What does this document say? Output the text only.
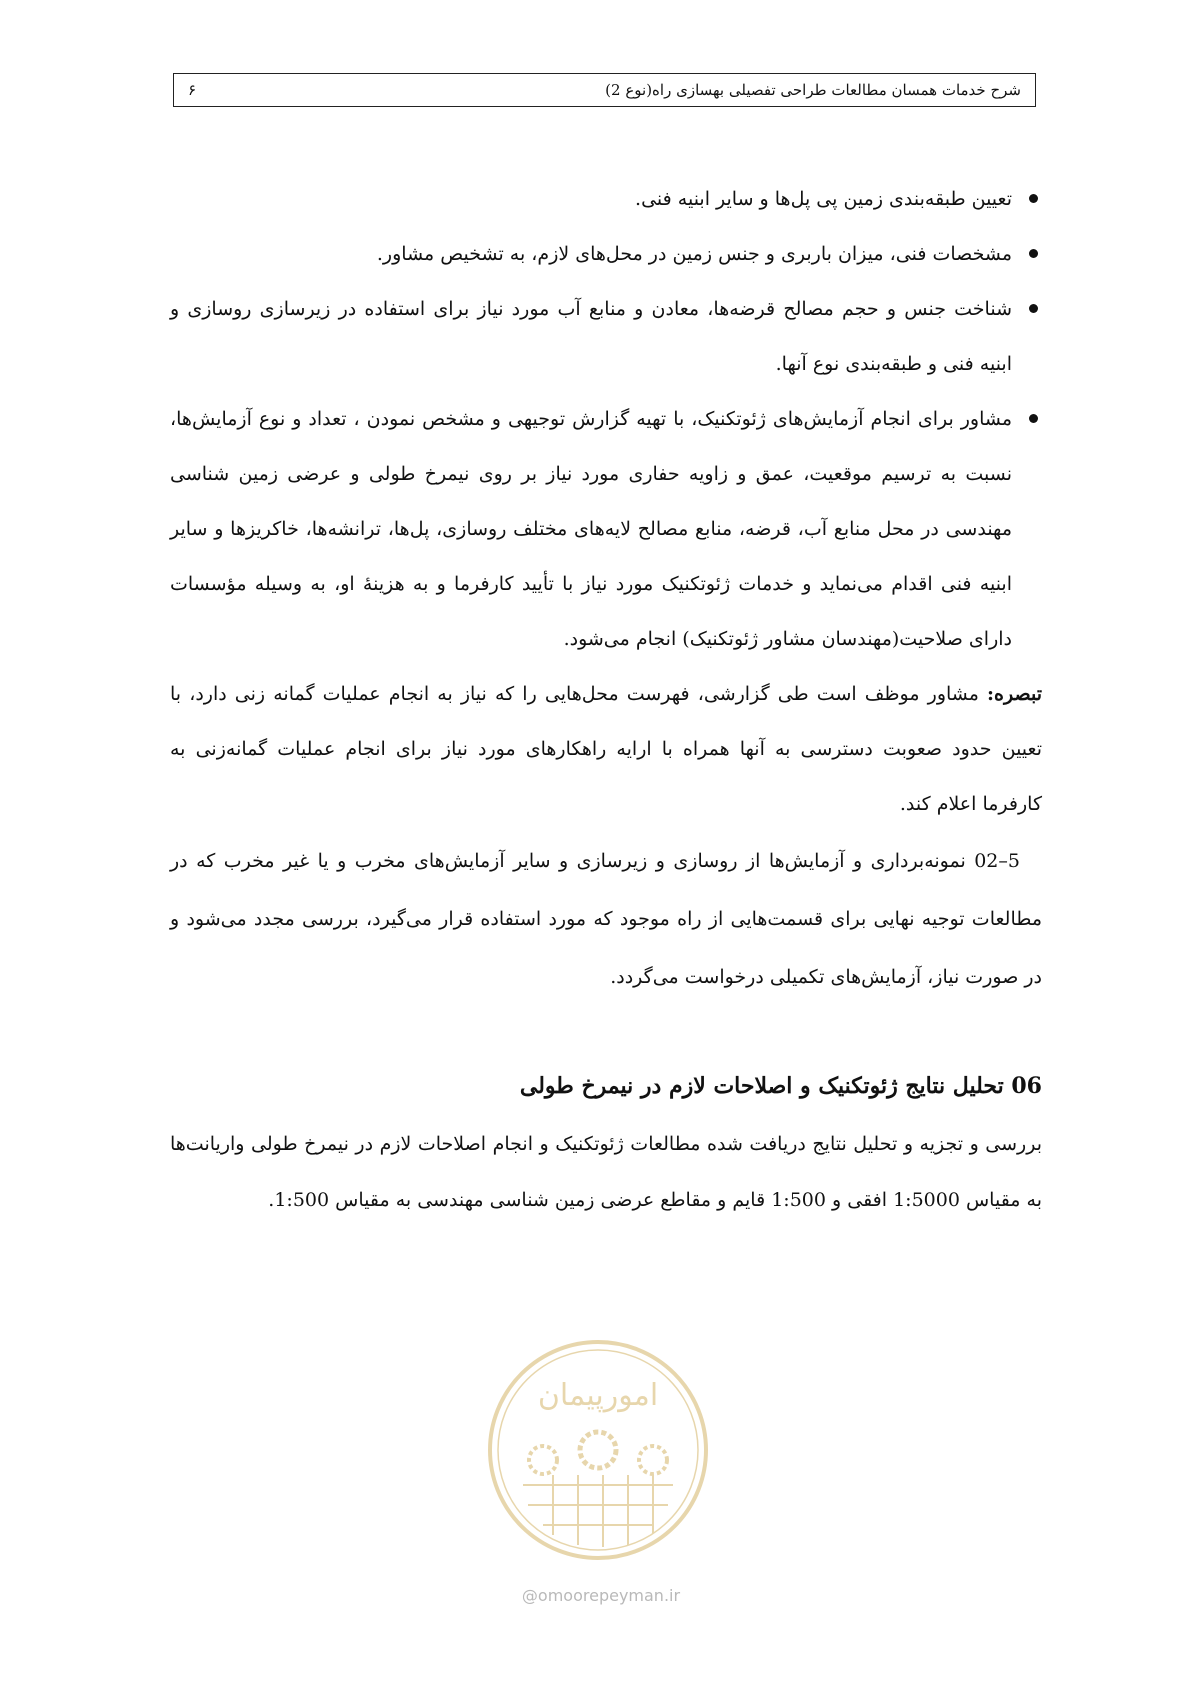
شرح خدمات همسان مطالعات طراحی تفصیلی بهسازی راه(نوع 2)
۶
تعیین طبقه‌بندی زمین پی پل‌ها و سایر ابنیه فنی.
مشخصات فنی، میزان باربری و جنس زمین در محل‌های لازم، به تشخیص مشاور.
شناخت جنس و حجم مصالح قرضه‌ها، معادن و منابع آب مورد نیاز برای استفاده در زیرسازی روسازی و ابنیه فنی و طبقه‌بندی نوع آنها.
مشاور برای انجام آزمایش‌های ژئوتکنیک، با تهیه گزارش توجیهی و مشخص نمودن ، تعداد و نوع آزمایش‌ها، نسبت به ترسیم موقعیت، عمق و زاویه حفاری مورد نیاز بر روی نیمرخ طولی و عرضی زمین شناسی مهندسی در محل منابع آب، قرضه، منابع مصالح لایه‌های مختلف روسازی، پل‌ها، ترانشه‌ها، خاکریزها و سایر ابنیه فنی اقدام می‌نماید و خدمات ژئوتکنیک مورد نیاز با تأیید کارفرما و به هزینهٔ او، به وسیله مؤسسات دارای صلاحیت(مهندسان مشاور ژئوتکنیک) انجام می‌شود.

تبصره: مشاور موظف است طی گزارشی، فهرست محل‌هایی را که نیاز به انجام عملیات گمانه زنی دارد، با تعیین حدود صعوبت دسترسی به آنها همراه با ارایه راهکارهای مورد نیاز برای انجام عملیات گمانه‌زنی به کارفرما اعلام کند.

5–02 نمونه‌برداری و آزمایش‌ها از روسازی و زیرسازی و سایر آزمایش‌های مخرب و یا غیر مخرب که در مطالعات توجیه نهایی برای قسمت‌هایی از راه موجود که مورد استفاده قرار می‌گیرد، بررسی مجدد می‌شود و در صورت نیاز، آزمایش‌های تکمیلی درخواست می‌گردد.

06 تحلیل نتایج ژئوتکنیک و اصلاحات لازم در نیمرخ طولی

بررسی و تجزیه و تحلیل نتایج دریافت شده مطالعات ژئوتکنیک و انجام اصلاحات لازم در نیمرخ طولی واریانت‌ها به مقیاس 1:5000 افقی و 1:500 قایم و مقاطع عرضی زمین شناسی مهندسی به مقیاس 1:500.

امورپیمان
@omoorepeyman.ir
